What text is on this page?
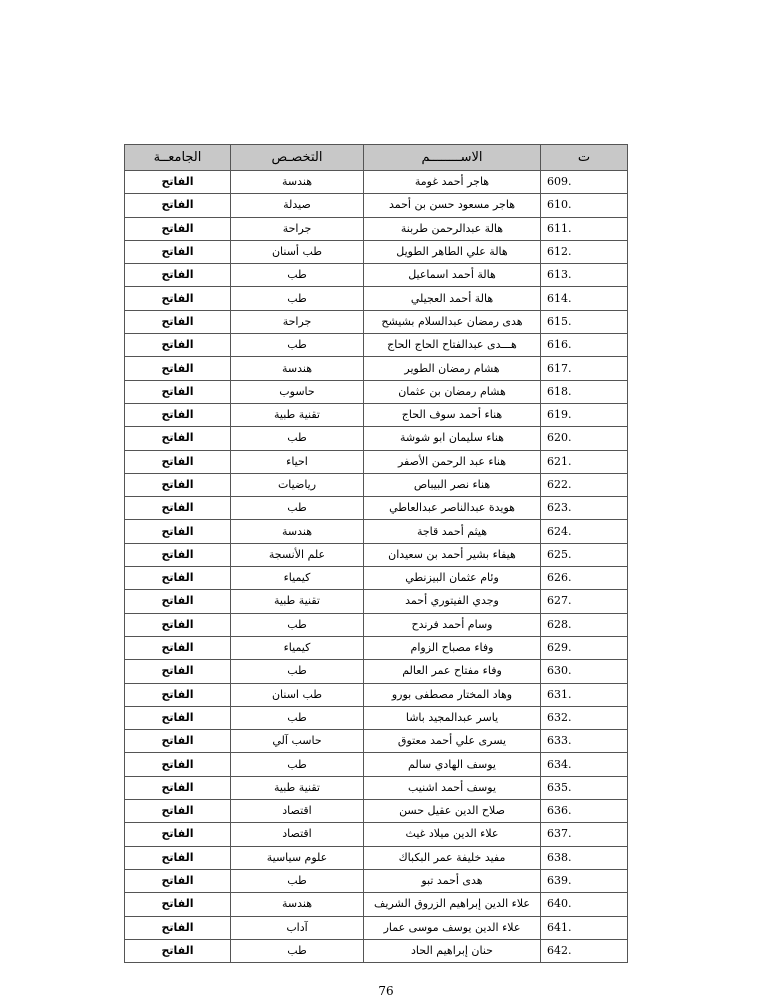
ت	الاســــــــم	التخصـص	الجامعــة
609.	هاجر أحمد غومة	هندسة	الفاتح
610.	هاجر مسعود حسن بن أحمد	صيدلة	الفاتح
611.	هالة عبدالرحمن طربنة	جراحة	الفاتح
612.	هالة علي الطاهر الطويل	طب أسنان	الفاتح
613.	هالة أحمد اسماعيل	طب	الفاتح
614.	هالة أحمد العجيلي	طب	الفاتح
615.	هدى رمضان عبدالسلام بشيشح	جراحة	الفاتح
616.	هـــدى عبدالفتاح الحاج الحاج	طب	الفاتح
617.	هشام رمضان الطوير	هندسة	الفاتح
618.	هشام رمضان بن عثمان	حاسوب	الفاتح
619.	هناء أحمد سوف الحاج	تقنية طبية	الفاتح
620.	هناء سليمان ابو شوشة	طب	الفاتح
621.	هناء عبد الرحمن الأصفر	احياء	الفاتح
622.	هناء نصر البيباص	رياضيات	الفاتح
623.	هويدة عبدالناصر عبدالعاطي	طب	الفاتح
624.	هيثم أحمد قاجة	هندسة	الفاتح
625.	هيفاء بشير أحمد بن سعيدان	علم الأنسجة	الفاتح
626.	وئام عثمان البيزنطي	كيمياء	الفاتح
627.	وجدي الفيتوري أحمد	تقنية طبية	الفاتح
628.	وسام أحمد فرندح	طب	الفاتح
629.	وفاء مصباح الزوام	كيمياء	الفاتح
630.	وفاء مفتاح عمر العالم	طب	الفاتح
631.	وهاد المختار مصطفى بورو	طب اسنان	الفاتح
632.	ياسر عبدالمجيد باشا	طب	الفاتح
633.	يسرى علي أحمد معتوق	حاسب آلي	الفاتح
634.	يوسف الهادي سالم	طب	الفاتح
635.	يوسف أحمد اشنيب	تقنية طبية	الفاتح
636.	صلاح الدين عقيل حسن	اقتصاد	الفاتح
637.	علاء الدين ميلاد غيث	اقتصاد	الفاتح
638.	مفيد خليفة عمر البكباك	علوم سياسية	الفاتح
639.	هدى أحمد تبو	طب	الفاتح
640.	علاء الدين إبراهيم الزروق الشريف	هندسة	الفاتح
641.	علاء الدين يوسف موسى عمار	آداب	الفاتح
642.	حنان إبراهيم الحاد	طب	الفاتح
76
